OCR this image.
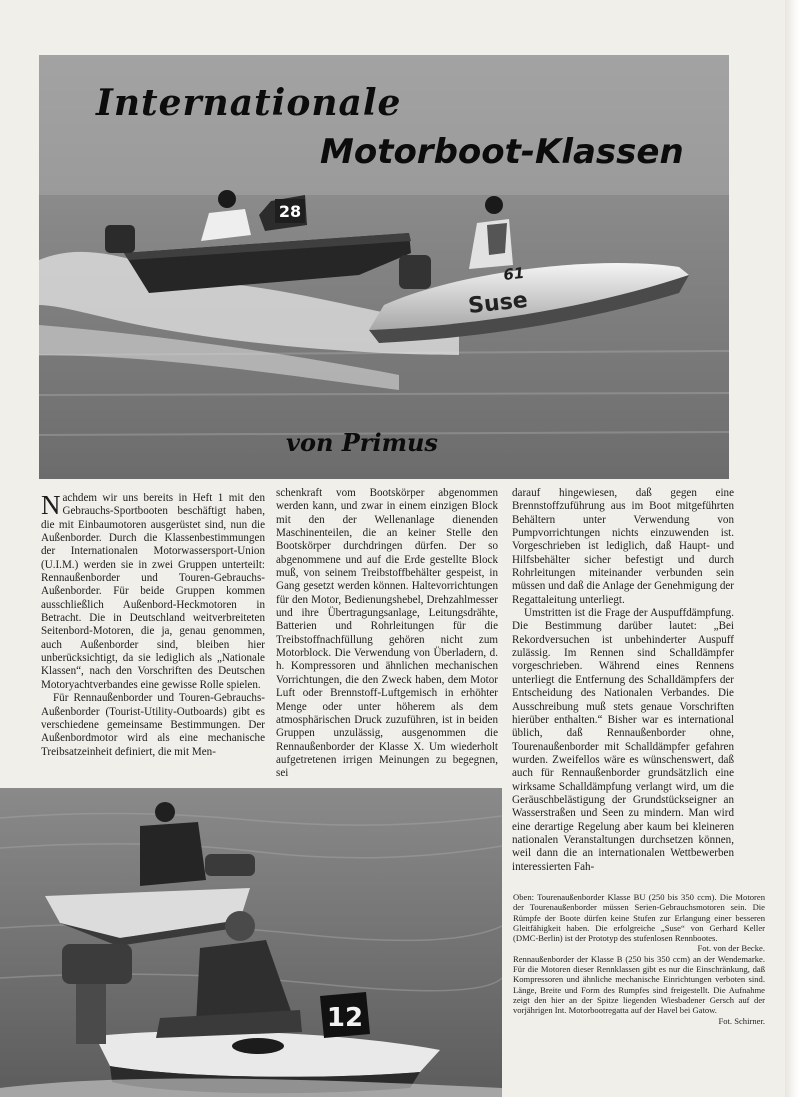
28
61
Suse
Internationale
Motorboot-Klassen
von Primus

Nachdem wir uns bereits in Heft 1 mit den Gebrauchs-Sportbooten beschäftigt haben, die mit Einbaumotoren ausgerüstet sind, nun die Außenborder. Durch die Klassenbestimmungen der Internationalen Motorwassersport-Union (U.I.M.) werden sie in zwei Gruppen unterteilt: Rennaußenborder und Touren-Gebrauchs-Außenborder. Für beide Gruppen kommen ausschließlich Außenbord-Heckmotoren in Betracht. Die in Deutschland weitverbreiteten Seitenbord-Motoren, die ja, genau genommen, auch Außenborder sind, bleiben hier unberücksichtigt, da sie lediglich als „Nationale Klassen“, nach den Vorschriften des Deutschen Motoryachtverbandes eine gewisse Rolle spielen.

Für Rennaußenborder und Touren-Gebrauchs-Außenborder (Tourist-Utility-Outboards) gibt es verschiedene gemeinsame Bestimmungen. Der Außenbordmotor wird als eine mechanische Treibsatzeinheit definiert, die mit Men-

schenkraft vom Bootskörper abgenommen werden kann, und zwar in einem einzigen Block mit den der Wellenanlage dienenden Maschinenteilen, die an keiner Stelle den Bootskörper durchdringen dürfen. Der so abgenommene und auf die Erde gestellte Block muß, von seinem Treibstoffbehälter gespeist, in Gang gesetzt werden können. Haltevorrichtungen für den Motor, Bedienungshebel, Drehzahlmesser und ihre Übertragungsanlage, Leitungsdrähte, Batterien und Rohrleitungen für die Treibstoffnachfüllung gehören nicht zum Motorblock. Die Verwendung von Überladern, d. h. Kompressoren und ähnlichen mechanischen Vorrichtungen, die den Zweck haben, dem Motor Luft oder Brennstoff-Luftgemisch in erhöhter Menge oder unter höherem als dem atmosphärischen Druck zuzuführen, ist in beiden Gruppen unzulässig, ausgenommen die Rennaußenborder der Klasse X. Um wiederholt aufgetretenen irrigen Meinungen zu begegnen, sei

darauf hingewiesen, daß gegen eine Brennstoffzuführung aus im Boot mitgeführten Behältern unter Verwendung von Pumpvorrichtungen nichts einzuwenden ist. Vorgeschrieben ist lediglich, daß Haupt- und Hilfsbehälter sicher befestigt und durch Rohrleitungen miteinander verbunden sein müssen und daß die Anlage der Genehmigung der Regattaleitung unterliegt.

Umstritten ist die Frage der Auspuffdämpfung. Die Bestimmung darüber lautet: „Bei Rekordversuchen ist unbehinderter Auspuff zulässig. Im Rennen sind Schalldämpfer vorgeschrieben. Während eines Rennens unterliegt die Entfernung des Schalldämpfers der Entscheidung des Nationalen Verbandes. Die Ausschreibung muß stets genaue Vorschriften hierüber enthalten.“ Bisher war es international üblich, daß Rennaußenborder ohne, Tourenaußenborder mit Schalldämpfer gefahren wurden. Zweifellos wäre es wünschenswert, daß auch für Rennaußenborder grundsätzlich eine wirksame Schalldämpfung verlangt wird, um die Geräuschbelästigung der Grundstückseigner an Wasserstraßen und Seen zu mindern. Man wird eine derartige Regelung aber kaum bei kleineren nationalen Veranstaltungen durchsetzen können, weil dann die an internationalen Wettbewerben interessierten Fah-

12

Oben: Tourenaußenborder Klasse BU (250 bis 350 ccm). Die Motoren der Tourenaußenborder müssen Serien-Gebrauchsmotoren sein. Die Rümpfe der Boote dürfen keine Stufen zur Erlangung einer besseren Gleitfähigkeit haben. Die erfolgreiche „Suse“ von Gerhard Keller (DMC-Berlin) ist der Prototyp des stufenlosen Rennbootes.

Fot. von der Becke.

Rennaußenborder der Klasse B (250 bis 350 ccm) an der Wendemarke. Für die Motoren dieser Rennklassen gibt es nur die Einschränkung, daß Kompressoren und ähnliche mechanische Einrichtungen verboten sind. Länge, Breite und Form des Rumpfes sind freigestellt. Die Aufnahme zeigt den hier an der Spitze liegenden Wiesbadener Gersch auf der vorjährigen Int. Motorbootregatta auf der Havel bei Gatow.

Fot. Schirner.
